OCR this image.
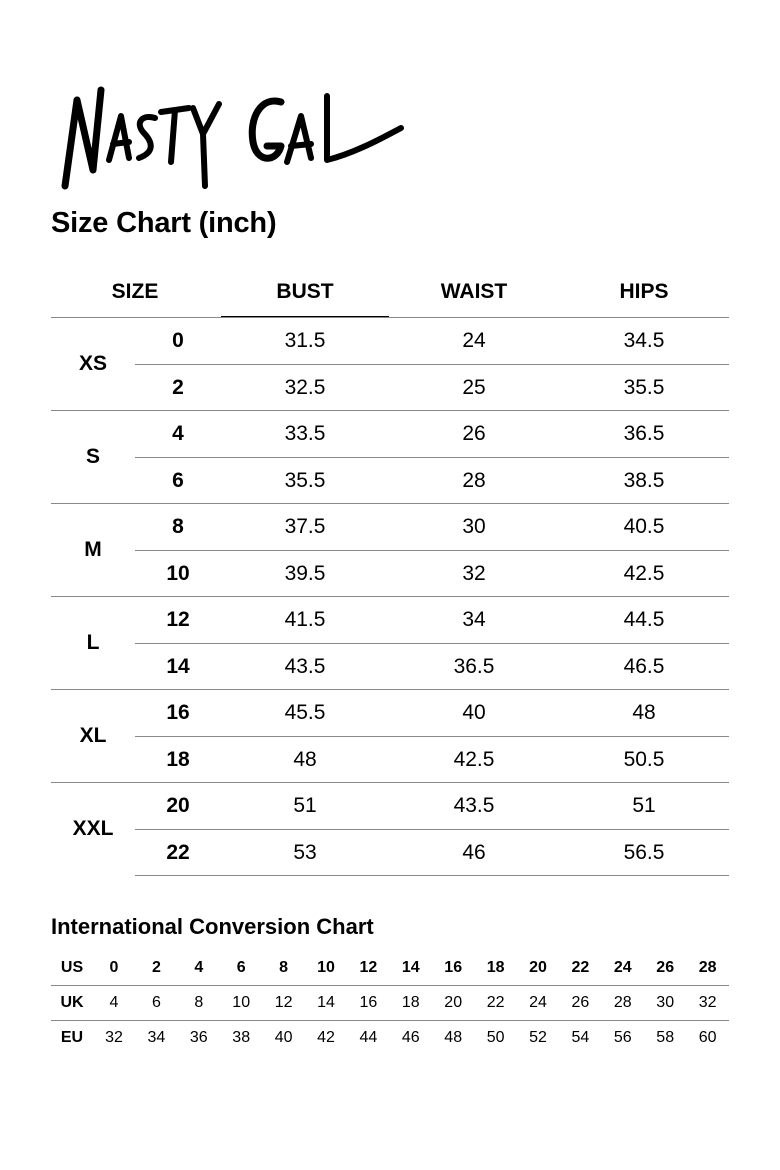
Size Chart (inch)
SIZE	BUST	WAIST	HIPS
XS
0	31.5	24	34.5
2	32.5	25	35.5
S
4	33.5	26	36.5
6	35.5	28	38.5
M
8	37.5	30	40.5
10	39.5	32	42.5
L
12	41.5	34	44.5
14	43.5	36.5	46.5
XL
16	45.5	40	48
18	48	42.5	50.5
XXL
20	51	43.5	51
22	53	46	56.5
International Conversion Chart
US 0 2 4 6 8 10 12 14 16 18 20 22 24 26 28
UK 4 6 8 10 12 14 16 18 20 22 24 26 28 30 32
EU 32 34 36 38 40 42 44 46 48 50 52 54 56 58 60
